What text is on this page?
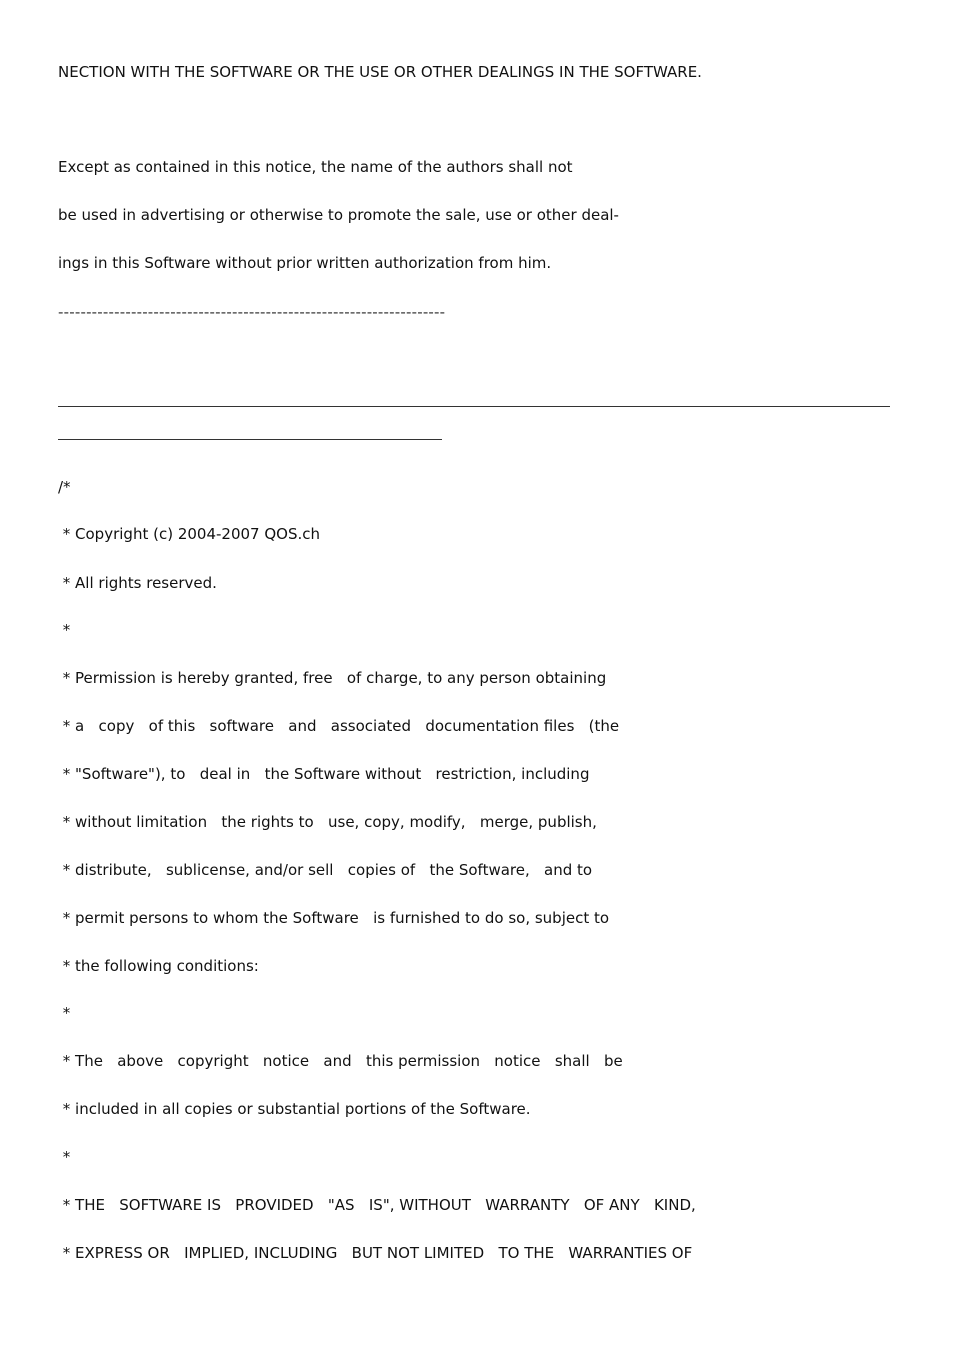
NECTION WITH THE SOFTWARE OR THE USE OR OTHER DEALINGS IN THE SOFTWARE.
Except as contained in this notice, the name of the authors shall not
be used in advertising or otherwise to promote the sale, use or other deal-
ings in this Software without prior written authorization from him.
---------------------------------------------------------------------
/*
* Copyright (c) 2004-2007 QOS.ch
* All rights reserved.
*
* Permission is hereby granted, free   of charge, to any person obtaining
* a   copy   of this   software   and   associated   documentation files   (the
* "Software"), to   deal in   the Software without   restriction, including
* without limitation   the rights to   use, copy, modify,   merge, publish,
* distribute,   sublicense, and/or sell   copies of   the Software,   and to
* permit persons to whom the Software   is furnished to do so, subject to
* the following conditions:
*
* The   above   copyright   notice   and   this permission   notice   shall   be
* included in all copies or substantial portions of the Software.
*
* THE   SOFTWARE IS   PROVIDED   "AS   IS", WITHOUT   WARRANTY   OF ANY   KIND,
* EXPRESS OR   IMPLIED, INCLUDING   BUT NOT LIMITED   TO THE   WARRANTIES OF
